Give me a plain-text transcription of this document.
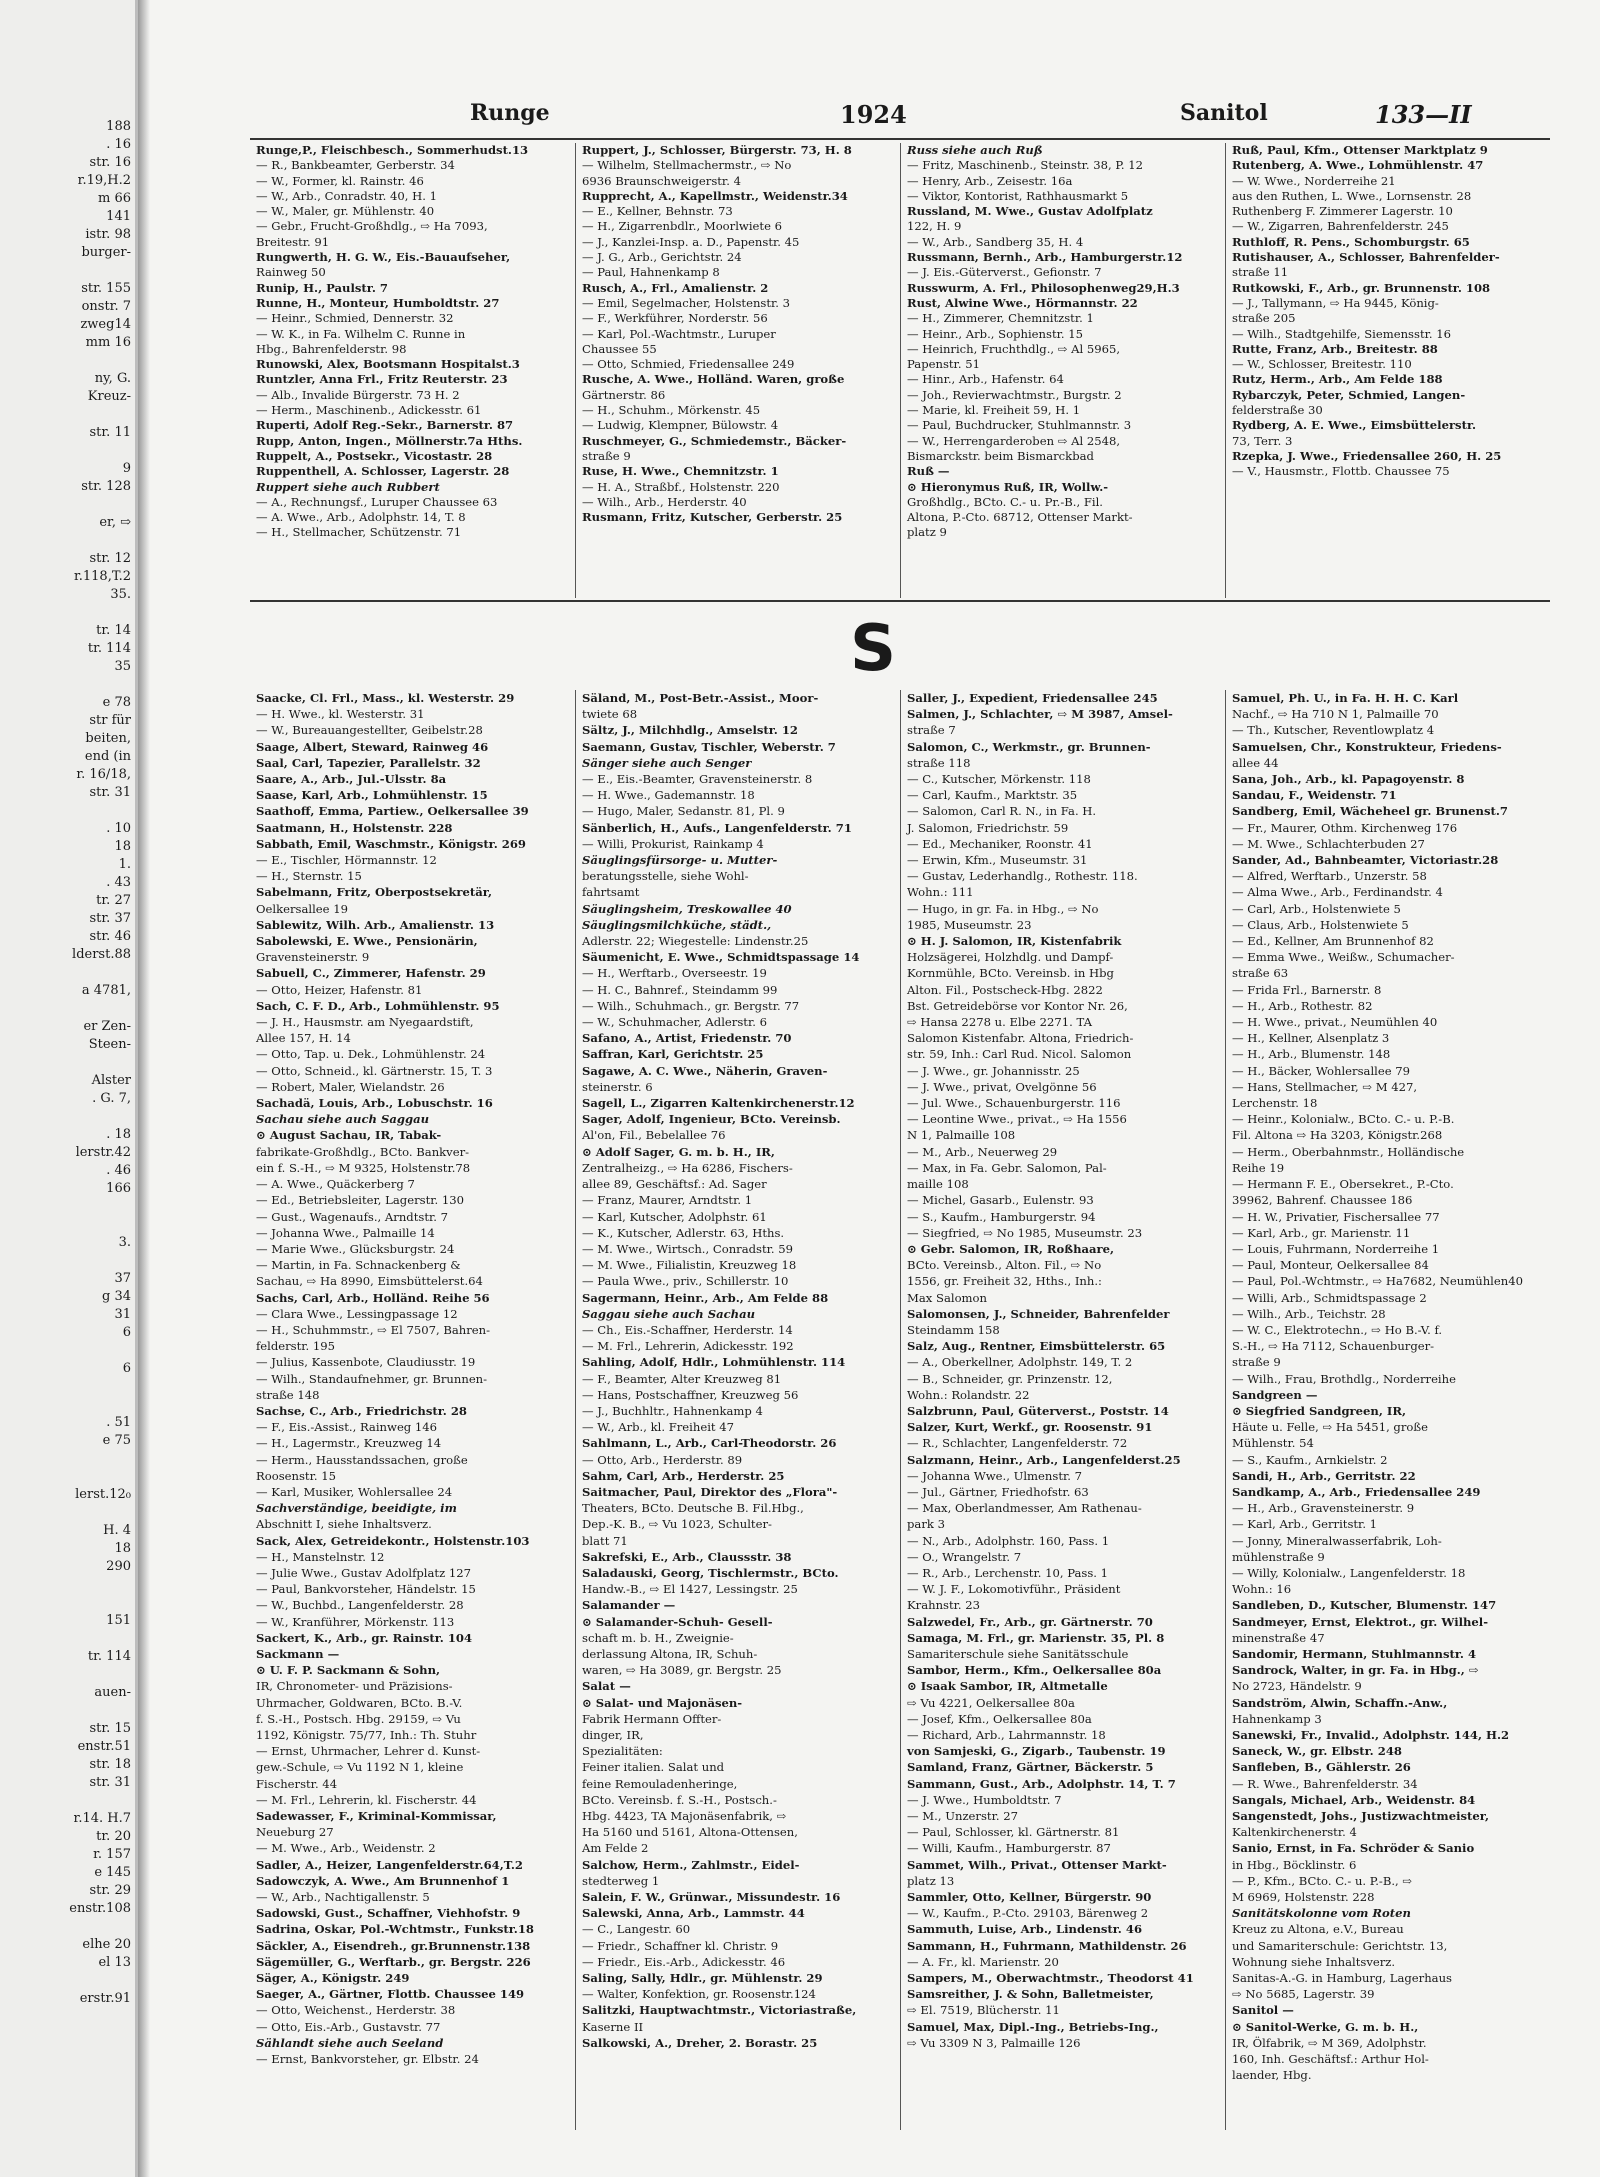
188
. 16
str. 16
r.19,H.2
m 66
141
istr. 98
burger-

str. 155
onstr. 7
zweg14
mm 16

ny, G.
Kreuz-

str. 11

9
str. 128

er, ⇨

str. 12
r.118,T.2
35.

tr. 14
tr. 114
35

e 78
str für
beiten,
end (in
r. 16/18,
str. 31

. 10
18
1.
. 43
tr. 27
str. 37
str. 46
lderst.88

a 4781,

er Zen-
Steen-

Alster
. G. 7,

. 18
lerstr.42
. 46
166

3.

37
g 34
31
6

6

. 51
e 75

lerst.12₀

H. 4
18
290

151

tr. 114

auen-

str. 15
enstr.51
str. 18
str. 31

r.14. H.7
tr. 20
r. 157
e 145
str. 29
enstr.108

elhe 20
el 13

erstr.91
Runge	1924	Sanitol	133—II
Runge,P., Fleischbesch., Sommerhudst.13
— R., Bankbeamter, Gerberstr. 34
— W., Former, kl. Rainstr. 46
— W., Arb., Conradstr. 40, H. 1
— W., Maler, gr. Mühlenstr. 40
— Gebr., Frucht-Großhdlg., ⇨ Ha 7093,
Breitestr. 91
Rungwerth, H. G. W., Eis.-Bauaufseher,
Rainweg 50
Runip, H., Paulstr. 7
Runne, H., Monteur, Humboldtstr. 27
— Heinr., Schmied, Dennerstr. 32
— W. K., in Fa. Wilhelm C. Runne in
Hbg., Bahrenfelderstr. 98
Runowski, Alex, Bootsmann Hospitalst.3
Runtzler, Anna Frl., Fritz Reuterstr. 23
— Alb., Invalide Bürgerstr. 73 H. 2
— Herm., Maschinenb., Adickesstr. 61
Ruperti, Adolf Reg.-Sekr., Barnerstr. 87
Rupp, Anton, Ingen., Möllnerstr.7a Hths.
Ruppelt, A., Postsekr., Vicostastr. 28
Ruppenthell, A. Schlosser, Lagerstr. 28
Ruppert siehe auch Rubbert
— A., Rechnungsf., Luruper Chaussee 63
— A. Wwe., Arb., Adolphstr. 14, T. 8
— H., Stellmacher, Schützenstr. 71
Ruppert, J., Schlosser, Bürgerstr. 73, H. 8
— Wilhelm, Stellmachermstr., ⇨ No
6936 Braunschweigerstr. 4
Rupprecht, A., Kapellmstr., Weidenstr.34
— E., Kellner, Behnstr. 73
— H., Zigarrenbdlr., Moorlwiete 6
— J., Kanzlei-Insp. a. D., Papenstr. 45
— J. G., Arb., Gerichtstr. 24
— Paul, Hahnenkamp 8
Rusch, A., Frl., Amalienstr. 2
— Emil, Segelmacher, Holstenstr. 3
— F., Werkführer, Norderstr. 56
— Karl, Pol.-Wachtmstr., Luruper
Chaussee 55
— Otto, Schmied, Friedensallee 249
Rusche, A. Wwe., Holländ. Waren, große
Gärtnerstr. 86
— H., Schuhm., Mörkenstr. 45
— Ludwig, Klempner, Bülowstr. 4
Ruschmeyer, G., Schmiedemstr., Bäcker-
straße 9
Ruse, H. Wwe., Chemnitzstr. 1
— H. A., Straßbf., Holstenstr. 220
— Wilh., Arb., Herderstr. 40
Rusmann, Fritz, Kutscher, Gerberstr. 25
Russ siehe auch Ruß
— Fritz, Maschinenb., Steinstr. 38, P. 12
— Henry, Arb., Zeisestr. 16a
— Viktor, Kontorist, Rathhausmarkt 5
Russland, M. Wwe., Gustav Adolfplatz
122, H. 9
— W., Arb., Sandberg 35, H. 4
Russmann, Bernh., Arb., Hamburgerstr.12
— J. Eis.-Güterverst., Gefionstr. 7
Russwurm, A. Frl., Philosophenweg29,H.3
Rust, Alwine Wwe., Hörmannstr. 22
— H., Zimmerer, Chemnitzstr. 1
— Heinr., Arb., Sophienstr. 15
— Heinrich, Fruchthdlg., ⇨ Al 5965,
Papenstr. 51
— Hinr., Arb., Hafenstr. 64
— Joh., Revierwachtmstr., Burgstr. 2
— Marie, kl. Freiheit 59, H. 1
— Paul, Buchdrucker, Stuhlmannstr. 3
— W., Herrengarderoben ⇨ Al 2548,
Bismarckstr. beim Bismarckbad
Ruß —
⊙ Hieronymus Ruß, IR, Wollw.-
Großhdlg., BCto. C.- u. Pr.-B., Fil.
Altona, P.-Cto. 68712, Ottenser Markt-
platz 9
Ruß, Paul, Kfm., Ottenser Marktplatz 9
Rutenberg, A. Wwe., Lohmühlenstr. 47
— W. Wwe., Norderreihe 21
aus den Ruthen, L. Wwe., Lornsenstr. 28
Ruthenberg F. Zimmerer Lagerstr. 10
— W., Zigarren, Bahrenfelderstr. 245
Ruthloff, R. Pens., Schomburgstr. 65
Rutishauser, A., Schlosser, Bahrenfelder-
straße 11
Rutkowski, F., Arb., gr. Brunnenstr. 108
— J., Tallymann, ⇨ Ha 9445, König-
straße 205
— Wilh., Stadtgehilfe, Siemensstr. 16
Rutte, Franz, Arb., Breitestr. 88
— W., Schlosser, Breitestr. 110
Rutz, Herm., Arb., Am Felde 188
Rybarczyk, Peter, Schmied, Langen-
felderstraße 30
Rydberg, A. E. Wwe., Eimsbüttelerstr.
73, Terr. 3
Rzepka, J. Wwe., Friedensallee 260, H. 25
— V., Hausmstr., Flottb. Chaussee 75
S
Saacke, Cl. Frl., Mass., kl. Westerstr. 29
— H. Wwe., kl. Westerstr. 31
— W., Bureauangestellter, Geibelstr.28
Saage, Albert, Steward, Rainweg 46
Saal, Carl, Tapezier, Parallelstr. 32
Saare, A., Arb., Jul.-Ulsstr. 8a
Saase, Karl, Arb., Lohmühlenstr. 15
Saathoff, Emma, Partiew., Oelkersallee 39
Saatmann, H., Holstenstr. 228
Sabbath, Emil, Waschmstr., Königstr. 269
— E., Tischler, Hörmannstr. 12
— H., Sternstr. 15
Sabelmann, Fritz, Oberpostsekretär,
Oelkersallee 19
Sablewitz, Wilh. Arb., Amalienstr. 13
Sabolewski, E. Wwe., Pensionärin,
Gravensteinerstr. 9
Sabuell, C., Zimmerer, Hafenstr. 29
— Otto, Heizer, Hafenstr. 81
Sach, C. F. D., Arb., Lohmühlenstr. 95
— J. H., Hausmstr. am Nyegaardstift,
Allee 157, H. 14
— Otto, Tap. u. Dek., Lohmühlenstr. 24
— Otto, Schneid., kl. Gärtnerstr. 15, T. 3
— Robert, Maler, Wielandstr. 26
Sachadä, Louis, Arb., Lobuschstr. 16
Sachau siehe auch Saggau
⊙ August Sachau, IR, Tabak-
fabrikate-Großhdlg., BCto. Bankver-
ein f. S.-H., ⇨ M 9325, Holstenstr.78
— A. Wwe., Quäckerberg 7
— Ed., Betriebsleiter, Lagerstr. 130
— Gust., Wagenaufs., Arndtstr. 7
— Johanna Wwe., Palmaille 14
— Marie Wwe., Glücksburgstr. 24
— Martin, in Fa. Schnackenberg &
Sachau, ⇨ Ha 8990, Eimsbüttelerst.64
Sachs, Carl, Arb., Holländ. Reihe 56
— Clara Wwe., Lessingpassage 12
— H., Schuhmmstr., ⇨ El 7507, Bahren-
felderstr. 195
— Julius, Kassenbote, Claudiusstr. 19
— Wilh., Standaufnehmer, gr. Brunnen-
straße 148
Sachse, C., Arb., Friedrichstr. 28
— F., Eis.-Assist., Rainweg 146
— H., Lagermstr., Kreuzweg 14
— Herm., Hausstandssachen, große
Roosenstr. 15
— Karl, Musiker, Wohlersallee 24
Sachverständige, beeidigte, im
Abschnitt I, siehe Inhaltsverz.
Sack, Alex, Getreidekontr., Holstenstr.103
— H., Manstelnstr. 12
— Julie Wwe., Gustav Adolfplatz 127
— Paul, Bankvorsteher, Händelstr. 15
— W., Buchbd., Langenfelderstr. 28
— W., Kranführer, Mörkenstr. 113
Sackert, K., Arb., gr. Rainstr. 104
Sackmann —
⊙ U. F. P. Sackmann & Sohn,
IR, Chronometer- und Präzisions-
Uhrmacher, Goldwaren, BCto. B.-V.
f. S.-H., Postsch. Hbg. 29159, ⇨ Vu
1192, Königstr. 75/77, Inh.: Th. Stuhr
— Ernst, Uhrmacher, Lehrer d. Kunst-
gew.-Schule, ⇨ Vu 1192 N 1, kleine
Fischerstr. 44
— M. Frl., Lehrerin, kl. Fischerstr. 44
Sadewasser, F., Kriminal-Kommissar,
Neueburg 27
— M. Wwe., Arb., Weidenstr. 2
Sadler, A., Heizer, Langenfelderstr.64,T.2
Sadowczyk, A. Wwe., Am Brunnenhof 1
— W., Arb., Nachtigallenstr. 5
Sadowski, Gust., Schaffner, Viehhofstr. 9
Sadrina, Oskar, Pol.-Wchtmstr., Funkstr.18
Säckler, A., Eisendreh., gr.Brunnenstr.138
Sägemüller, G., Werftarb., gr. Bergstr. 226
Säger, A., Königstr. 249
Saeger, A., Gärtner, Flottb. Chaussee 149
— Otto, Weichenst., Herderstr. 38
— Otto, Eis.-Arb., Gustavstr. 77
Sählandt siehe auch Seeland
— Ernst, Bankvorsteher, gr. Elbstr. 24
Säland, M., Post-Betr.-Assist., Moor-
twiete 68
Sältz, J., Milchhdlg., Amselstr. 12
Saemann, Gustav, Tischler, Weberstr. 7
Sänger siehe auch Senger
— E., Eis.-Beamter, Gravensteinerstr. 8
— H. Wwe., Gademannstr. 18
— Hugo, Maler, Sedanstr. 81, Pl. 9
Sänberlich, H., Aufs., Langenfelderstr. 71
— Willi, Prokurist, Rainkamp 4
Säuglingsfürsorge- u. Mutter-
beratungsstelle, siehe Wohl-
fahrtsamt
Säuglingsheim, Treskowallee 40
Säuglingsmilchküche, städt.,
Adlerstr. 22; Wiegestelle: Lindenstr.25
Säumenicht, E. Wwe., Schmidtspassage 14
— H., Werftarb., Overseestr. 19
— H. C., Bahnref., Steindamm 99
— Wilh., Schuhmach., gr. Bergstr. 77
— W., Schuhmacher, Adlerstr. 6
Safano, A., Artist, Friedenstr. 70
Saffran, Karl, Gerichtstr. 25
Sagawe, A. C. Wwe., Näherin, Graven-
steinerstr. 6
Sagell, L., Zigarren Kaltenkirchenerstr.12
Sager, Adolf, Ingenieur, BCto. Vereinsb.
Al'on, Fil., Bebelallee 76
⊙ Adolf Sager, G. m. b. H., IR,
Zentralheizg., ⇨ Ha 6286, Fischers-
allee 89, Geschäftsf.: Ad. Sager
— Franz, Maurer, Arndtstr. 1
— Karl, Kutscher, Adolphstr. 61
— K., Kutscher, Adlerstr. 63, Hths.
— M. Wwe., Wirtsch., Conradstr. 59
— M. Wwe., Filialistin, Kreuzweg 18
— Paula Wwe., priv., Schillerstr. 10
Sagermann, Heinr., Arb., Am Felde 88
Saggau siehe auch Sachau
— Ch., Eis.-Schaffner, Herderstr. 14
— M. Frl., Lehrerin, Adickesstr. 192
Sahling, Adolf, Hdlr., Lohmühlenstr. 114
— F., Beamter, Alter Kreuzweg 81
— Hans, Postschaffner, Kreuzweg 56
— J., Buchhltr., Hahnenkamp 4
— W., Arb., kl. Freiheit 47
Sahlmann, L., Arb., Carl-Theodorstr. 26
— Otto, Arb., Herderstr. 89
Sahm, Carl, Arb., Herderstr. 25
Saitmacher, Paul, Direktor des „Flora"-
Theaters, BCto. Deutsche B. Fil.Hbg.,
Dep.-K. B., ⇨ Vu 1023, Schulter-
blatt 71
Sakrefski, E., Arb., Claussstr. 38
Saladauski, Georg, Tischlermstr., BCto.
Handw.-B., ⇨ El 1427, Lessingstr. 25
Salamander —
⊙ Salamander-Schuh- Gesell-
schaft m. b. H., Zweignie-
derlassung Altona, IR, Schuh-
waren, ⇨ Ha 3089, gr. Bergstr. 25
Salat —
⊙ Salat- und Majonäsen-
Fabrik Hermann Offter-
dinger, IR,
Spezialitäten:
Feiner italien. Salat und
feine Remouladenheringe,
BCto. Vereinsb. f. S.-H., Postsch.-
Hbg. 4423, TA Majonäsenfabrik, ⇨
Ha 5160 und 5161, Altona-Ottensen,
Am Felde 2
Salchow, Herm., Zahlmstr., Eidel-
stedterweg 1
Salein, F. W., Grünwar., Missundestr. 16
Salewski, Anna, Arb., Lammstr. 44
— C., Langestr. 60
— Friedr., Schaffner kl. Christr. 9
— Friedr., Eis.-Arb., Adickesstr. 46
Saling, Sally, Hdlr., gr. Mühlenstr. 29
— Walter, Konfektion, gr. Roosenstr.124
Salitzki, Hauptwachtmstr., Victoriastraße,
Kaserne II
Salkowski, A., Dreher, 2. Borastr. 25
Saller, J., Expedient, Friedensallee 245
Salmen, J., Schlachter, ⇨ M 3987, Amsel-
straße 7
Salomon, C., Werkmstr., gr. Brunnen-
straße 118
— C., Kutscher, Mörkenstr. 118
— Carl, Kaufm., Marktstr. 35
— Salomon, Carl R. N., in Fa. H.
J. Salomon, Friedrichstr. 59
— Ed., Mechaniker, Roonstr. 41
— Erwin, Kfm., Museumstr. 31
— Gustav, Lederhandlg., Rothestr. 118.
Wohn.: 111
— Hugo, in gr. Fa. in Hbg., ⇨ No
1985, Museumstr. 23
⊙ H. J. Salomon, IR, Kistenfabrik
Holzsägerei, Holzhdlg. und Dampf-
Kornmühle, BCto. Vereinsb. in Hbg
Alton. Fil., Postscheck-Hbg. 2822
Bst. Getreidebörse vor Kontor Nr. 26,
⇨ Hansa 2278 u. Elbe 2271. TA
Salomon Kistenfabr. Altona, Friedrich-
str. 59, Inh.: Carl Rud. Nicol. Salomon
— J. Wwe., gr. Johannisstr. 25
— J. Wwe., privat, Ovelgönne 56
— Jul. Wwe., Schauenburgerstr. 116
— Leontine Wwe., privat., ⇨ Ha 1556
N 1, Palmaille 108
— M., Arb., Neuerweg 29
— Max, in Fa. Gebr. Salomon, Pal-
maille 108
— Michel, Gasarb., Eulenstr. 93
— S., Kaufm., Hamburgerstr. 94
— Siegfried, ⇨ No 1985, Museumstr. 23
⊙ Gebr. Salomon, IR, Roßhaare,
BCto. Vereinsb., Alton. Fil., ⇨ No
1556, gr. Freiheit 32, Hths., Inh.:
Max Salomon
Salomonsen, J., Schneider, Bahrenfelder
Steindamm 158
Salz, Aug., Rentner, Eimsbüttelerstr. 65
— A., Oberkellner, Adolphstr. 149, T. 2
— B., Schneider, gr. Prinzenstr. 12,
Wohn.: Rolandstr. 22
Salzbrunn, Paul, Güterverst., Poststr. 14
Salzer, Kurt, Werkf., gr. Roosenstr. 91
— R., Schlachter, Langenfelderstr. 72
Salzmann, Heinr., Arb., Langenfelderst.25
— Johanna Wwe., Ulmenstr. 7
— Jul., Gärtner, Friedhofstr. 63
— Max, Oberlandmesser, Am Rathenau-
park 3
— N., Arb., Adolphstr. 160, Pass. 1
— O., Wrangelstr. 7
— R., Arb., Lerchenstr. 10, Pass. 1
— W. J. F., Lokomotivführ., Präsident
Krahnstr. 23
Salzwedel, Fr., Arb., gr. Gärtnerstr. 70
Samaga, M. Frl., gr. Marienstr. 35, Pl. 8
Samariterschule siehe Sanitätsschule
Sambor, Herm., Kfm., Oelkersallee 80a
⊙ Isaak Sambor, IR, Altmetalle
⇨ Vu 4221, Oelkersallee 80a
— Josef, Kfm., Oelkersallee 80a
— Richard, Arb., Lahrmannstr. 18
von Samjeski, G., Zigarb., Taubenstr. 19
Samland, Franz, Gärtner, Bäckerstr. 5
Sammann, Gust., Arb., Adolphstr. 14, T. 7
— J. Wwe., Humboldtstr. 7
— M., Unzerstr. 27
— Paul, Schlosser, kl. Gärtnerstr. 81
— Willi, Kaufm., Hamburgerstr. 87
Sammet, Wilh., Privat., Ottenser Markt-
platz 13
Sammler, Otto, Kellner, Bürgerstr. 90
— W., Kaufm., P.-Cto. 29103, Bärenweg 2
Sammuth, Luise, Arb., Lindenstr. 46
Sammann, H., Fuhrmann, Mathildenstr. 26
— A. Fr., kl. Marienstr. 20
Sampers, M., Oberwachtmstr., Theodorst 41
Samsreither, J. & Sohn, Balletmeister,
⇨ El. 7519, Blücherstr. 11
Samuel, Max, Dipl.-Ing., Betriebs-Ing.,
⇨ Vu 3309 N 3, Palmaille 126
Samuel, Ph. U., in Fa. H. H. C. Karl
Nachf., ⇨ Ha 710 N 1, Palmaille 70
— Th., Kutscher, Reventlowplatz 4
Samuelsen, Chr., Konstrukteur, Friedens-
allee 44
Sana, Joh., Arb., kl. Papagoyenstr. 8
Sandau, F., Weidenstr. 71
Sandberg, Emil, Wächeheel gr. Brunenst.7
— Fr., Maurer, Othm. Kirchenweg 176
— M. Wwe., Schlachterbuden 27
Sander, Ad., Bahnbeamter, Victoriastr.28
— Alfred, Werftarb., Unzerstr. 58
— Alma Wwe., Arb., Ferdinandstr. 4
— Carl, Arb., Holstenwiete 5
— Claus, Arb., Holstenwiete 5
— Ed., Kellner, Am Brunnenhof 82
— Emma Wwe., Weißw., Schumacher-
straße 63
— Frida Frl., Barnerstr. 8
— H., Arb., Rothestr. 82
— H. Wwe., privat., Neumühlen 40
— H., Kellner, Alsenplatz 3
— H., Arb., Blumenstr. 148
— H., Bäcker, Wohlersallee 79
— Hans, Stellmacher, ⇨ M 427,
Lerchenstr. 18
— Heinr., Kolonialw., BCto. C.- u. P.-B.
Fil. Altona ⇨ Ha 3203, Königstr.268
— Herm., Oberbahnmstr., Holländische
Reihe 19
— Hermann F. E., Obersekret., P.-Cto.
39962, Bahrenf. Chaussee 186
— H. W., Privatier, Fischersallee 77
— Karl, Arb., gr. Marienstr. 11
— Louis, Fuhrmann, Norderreihe 1
— Paul, Monteur, Oelkersallee 84
— Paul, Pol.-Wchtmstr., ⇨ Ha7682, Neumühlen40
— Willi, Arb., Schmidtspassage 2
— Wilh., Arb., Teichstr. 28
— W. C., Elektrotechn., ⇨ Ho B.-V. f.
S.-H., ⇨ Ha 7112, Schauenburger-
straße 9
— Wilh., Frau, Brothdlg., Norderreihe
Sandgreen —
⊙ Siegfried Sandgreen, IR,
Häute u. Felle, ⇨ Ha 5451, große
Mühlenstr. 54
— S., Kaufm., Arnkielstr. 2
Sandi, H., Arb., Gerritstr. 22
Sandkamp, A., Arb., Friedensallee 249
— H., Arb., Gravensteinerstr. 9
— Karl, Arb., Gerritstr. 1
— Jonny, Mineralwasserfabrik, Loh-
mühlenstraße 9
— Willy, Kolonialw., Langenfelderstr. 18
Wohn.: 16
Sandleben, D., Kutscher, Blumenstr. 147
Sandmeyer, Ernst, Elektrot., gr. Wilhel-
minenstraße 47
Sandomir, Hermann, Stuhlmannstr. 4
Sandrock, Walter, in gr. Fa. in Hbg., ⇨
No 2723, Händelstr. 9
Sandström, Alwin, Schaffn.-Anw.,
Hahnenkamp 3
Sanewski, Fr., Invalid., Adolphstr. 144, H.2
Saneck, W., gr. Elbstr. 248
Sanfleben, B., Gählerstr. 26
— R. Wwe., Bahrenfelderstr. 34
Sangals, Michael, Arb., Weidenstr. 84
Sangenstedt, Johs., Justizwachtmeister,
Kaltenkirchenerstr. 4
Sanio, Ernst, in Fa. Schröder & Sanio
in Hbg., Böcklinstr. 6
— P., Kfm., BCto. C.- u. P.-B., ⇨
M 6969, Holstenstr. 228
Sanitätskolonne vom Roten
Kreuz zu Altona, e.V., Bureau
und Samariterschule: Gerichtstr. 13,
Wohnung siehe Inhaltsverz.
Sanitas-A.-G. in Hamburg, Lagerhaus
⇨ No 5685, Lagerstr. 39
Sanitol —
⊙ Sanitol-Werke, G. m. b. H.,
IR, Ölfabrik, ⇨ M 369, Adolphstr.
160, Inh. Geschäftsf.: Arthur Hol-
laender, Hbg.
